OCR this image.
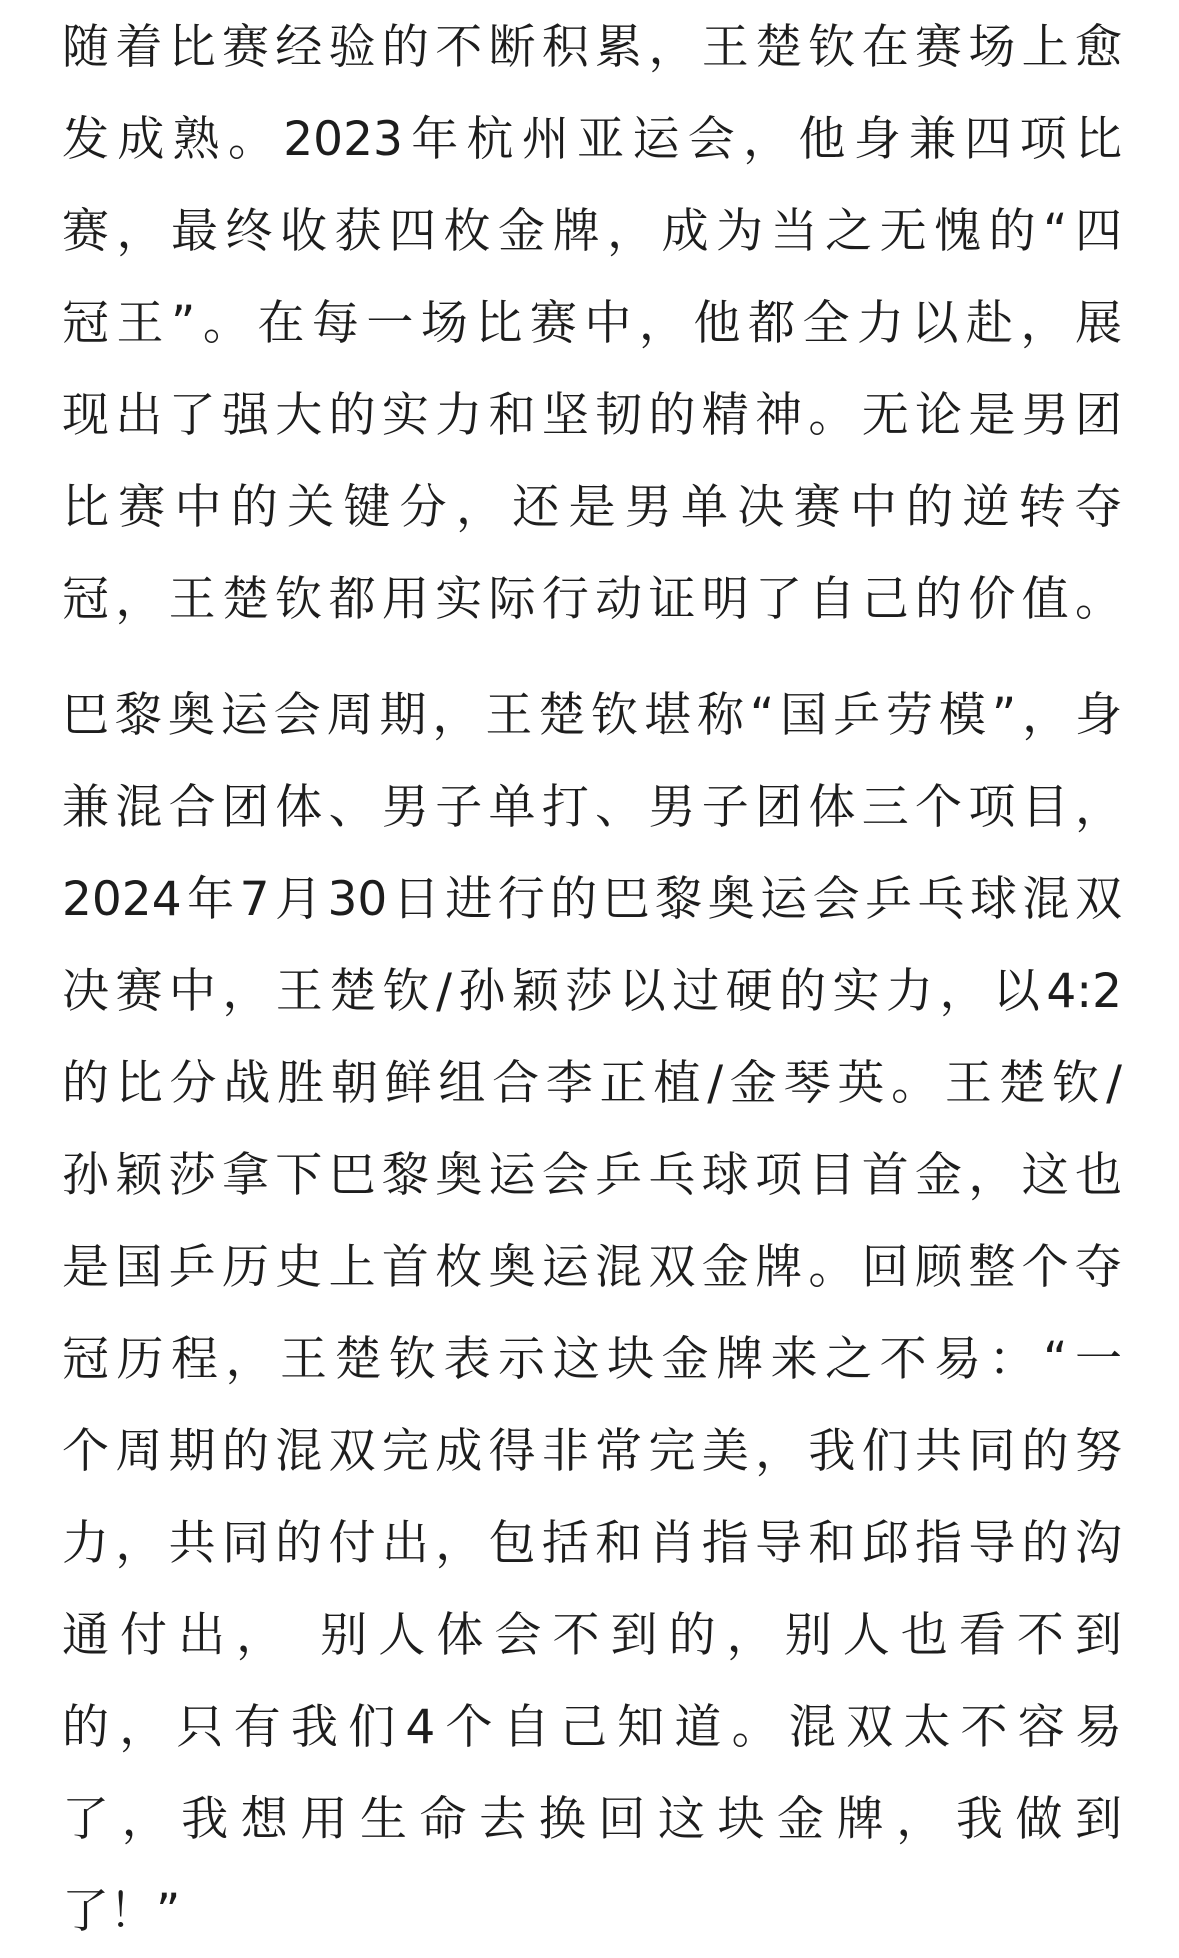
随着比赛经验的不断积累，王楚钦在赛场上愈
发成熟。2023年杭州亚运会，他身兼四项比
赛，最终收获四枚金牌，成为当之无愧的“四
冠王”。在每一场比赛中，他都全力以赴，展
现出了强大的实力和坚韧的精神。无论是男团
比赛中的关键分，还是男单决赛中的逆转夺
冠，王楚钦都用实际行动证明了自己的价值。
巴黎奥运会周期，王楚钦堪称“国乒劳模”，身
兼混合团体、男子单打、男子团体三个项目，
2024年7月30日进行的巴黎奥运会乒乓球混双
决赛中，王楚钦/孙颖莎以过硬的实力，以4:2
的比分战胜朝鲜组合李正植/金琴英。王楚钦/
孙颖莎拿下巴黎奥运会乒乓球项目首金，这也
是国乒历史上首枚奥运混双金牌。回顾整个夺
冠历程，王楚钦表示这块金牌来之不易：“一
个周期的混双完成得非常完美，我们共同的努
力，共同的付出，包括和肖指导和邱指导的沟
通付出， 别人体会不到的，别人也看不到
的，只有我们4个自己知道。混双太不容易
了，我想用生命去换回这块金牌，我做到
了！”
